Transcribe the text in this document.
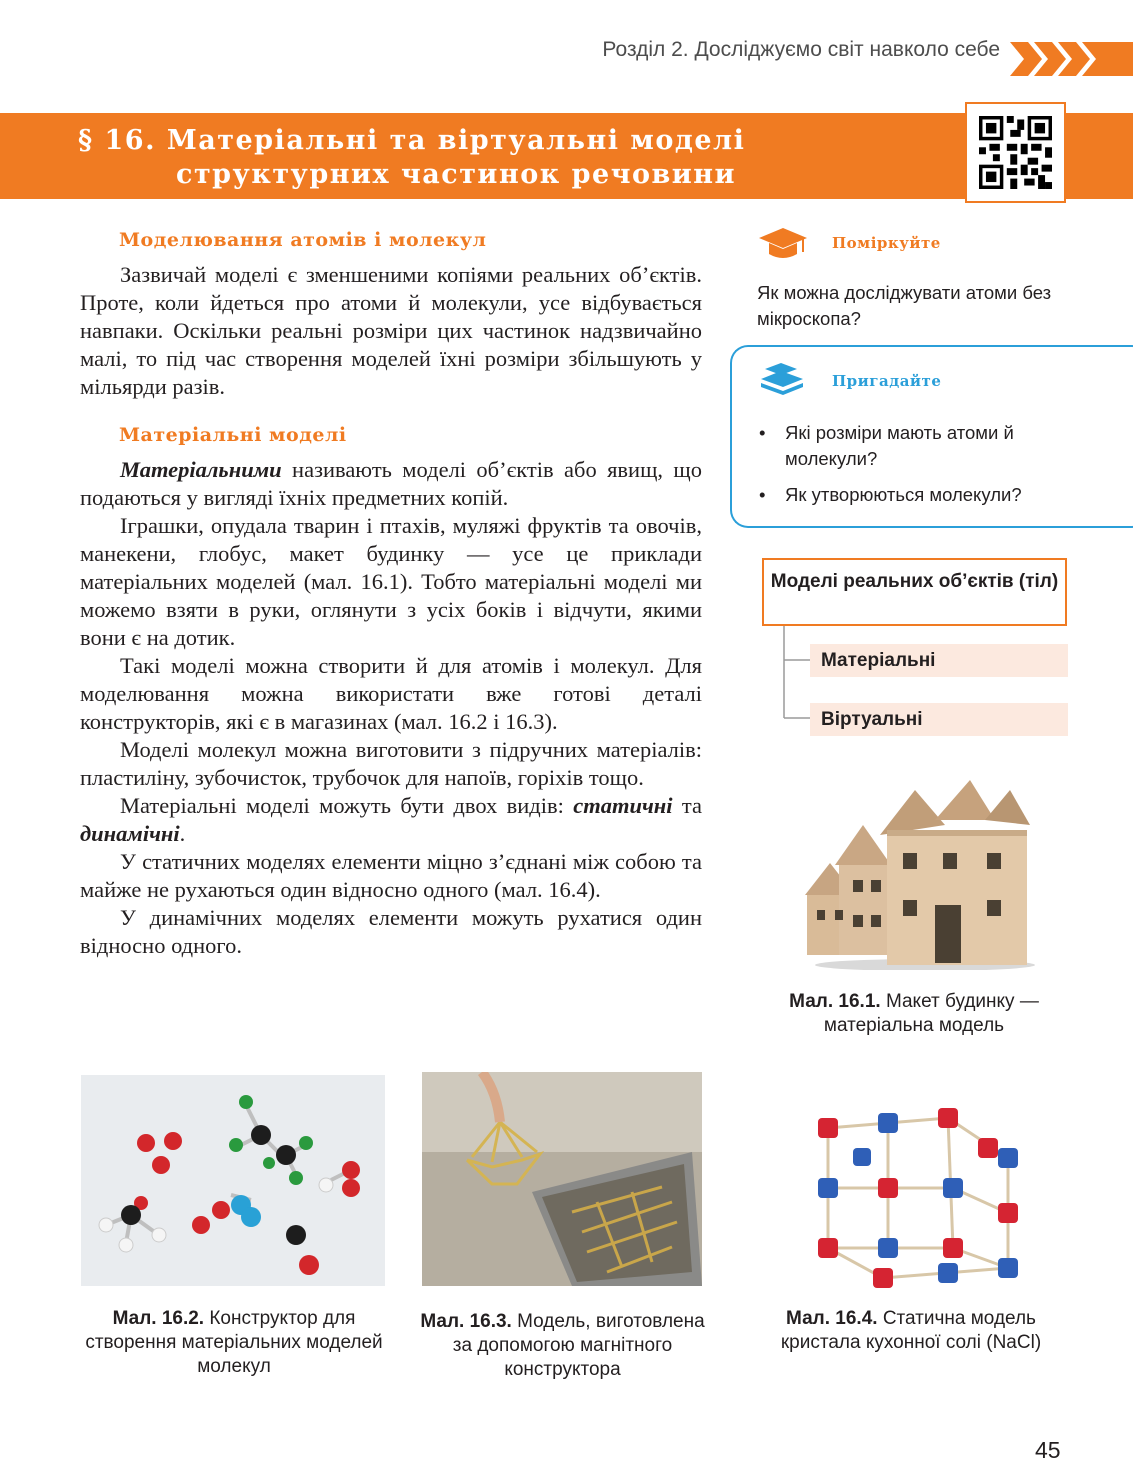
Розділ 2. Досліджуємо світ навколо себе
§ 16. Матеріальні та віртуальні моделі
структурних частинок речовини
Моделювання атомів і молекул

Зазвичай моделі є зменшеними копіями реальних об’єктів. Проте, коли йдеться про атоми й молекули, усе відбувається навпаки. Оскільки реальні розміри цих частинок надзвичайно малі, то під час створення моделей їхні розміри збільшують у мільярди разів.

Матеріальні моделі

Матеріальними називають моделі об’єктів або явищ, що подаються у вигляді їхніх предметних копій.

Іграшки, опудала тварин і птахів, муляжі фруктів та овочів, манекени, глобус, макет будинку — усе це приклади матеріальних моделей (мал. 16.1). Тобто матеріальні моделі ми можемо взяти в руки, оглянути з усіх боків і відчути, якими вони є на дотик.

Такі моделі можна створити й для атомів і молекул. Для моделювання можна використати вже готові деталі конструкторів, які є в магазинах (мал. 16.2 і 16.3).

Моделі молекул можна виготовити з підручних матеріалів: пластиліну, зубочисток, трубочок для напоїв, горіхів тощо.

Матеріальні моделі можуть бути двох видів: статичні та динамічні.

У статичних моделях елементи міцно з’єднані між собою та майже не рухаються один відносно одного (мал. 16.4).

У динамічних моделях елементи можуть рухатися один відносно одного.

Поміркуйте
Як можна досліджувати атоми без мікроскопа?
Пригадайте
• Які розміри мають атоми й молекули?
• Як утворюються молекули?
Моделі реальних об’єктів (тіл)
Матеріальні
Віртуальні
Мал. 16.1. Макет будинку — матеріальна модель
Мал. 16.2. Конструктор для створення матеріальних моделей молекул
Мал. 16.3. Модель, виготовлена за допомогою магнітного конструктора
Мал. 16.4. Статична модель кристала кухонної солі (NaCl)
45
